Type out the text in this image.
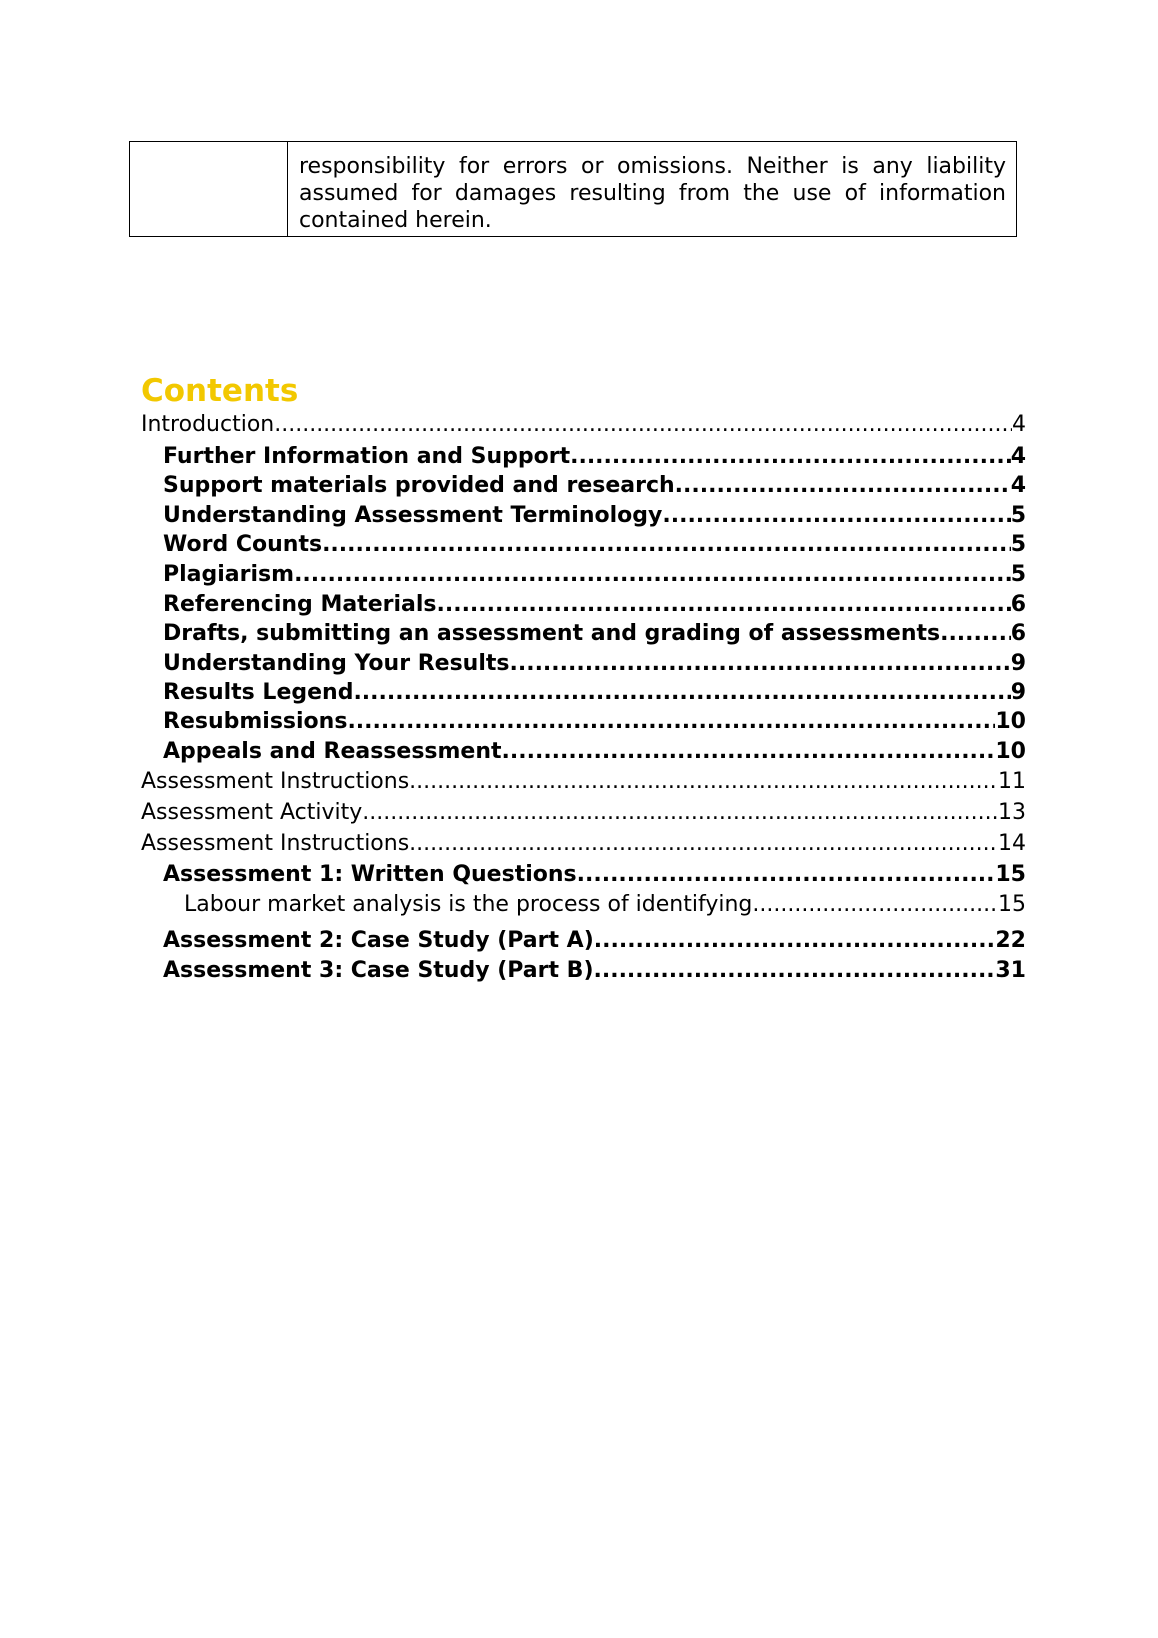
responsibility for errors or omissions. Neither is any liability assumed for damages resulting from the use of information contained herein.
Contents
Introduction .....	4
Further Information and Support .....	4
Support materials provided and research .....	4
Understanding Assessment Terminology .....	5
Word Counts .....	5
Plagiarism .....	5
Referencing Materials .....	6
Drafts, submitting an assessment and grading of assessments. .....	6
Understanding Your Results .....	9
Results Legend .....	9
Resubmissions .....	10
Appeals and Reassessment .....	10
Assessment Instructions .....	11
Assessment Activity .....	13
Assessment Instructions .....	14
Assessment 1: Written Questions .....	15
Labour market analysis is the process of identifying .....	15
Assessment 2: Case Study (Part A) .....	22
Assessment 3: Case Study (Part B) .....	31
